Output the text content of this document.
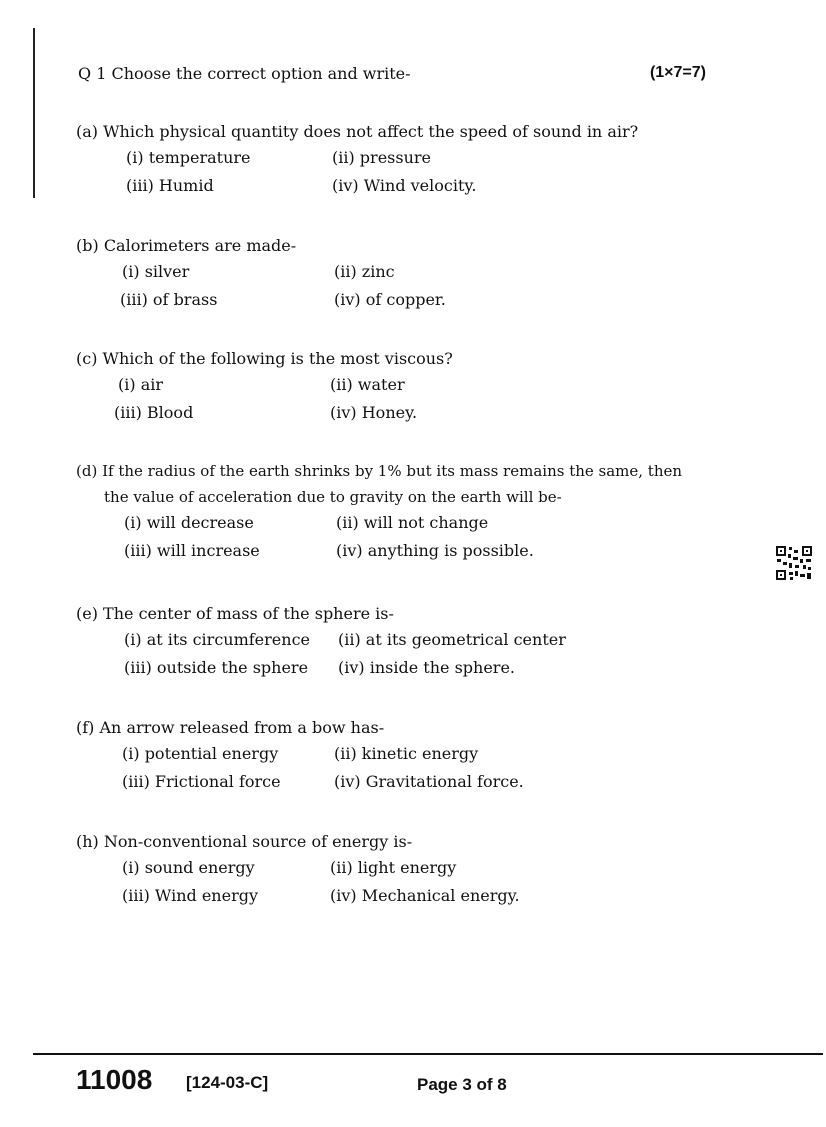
Q 1 Choose the correct option and write-	(1×7=7)
(a) Which physical quantity does not affect the speed of sound in air?
(i) temperature	(ii) pressure
(iii) Humid	(iv) Wind velocity.
(b) Calorimeters are made-
(i) silver	(ii) zinc
(iii) of brass	(iv) of copper.
(c) Which of the following is the most viscous?
(i) air	(ii) water
(iii) Blood	(iv) Honey.
(d) If the radius of the earth shrinks by 1% but its mass remains the same, then
the value of acceleration due to gravity on the earth will be-
(i) will decrease	(ii) will not change
(iii) will increase	(iv) anything is possible.
(e) The center of mass of the sphere is-
(i) at its circumference (ii) at its geometrical center
(iii) outside the sphere (iv) inside the sphere.
(f) An arrow released from a bow has-
(i) potential energy	(ii) kinetic energy
(iii) Frictional force	(iv) Gravitational force.
(h) Non-conventional source of energy is-
(i) sound energy	(ii) light energy
(iii) Wind energy	(iv) Mechanical energy.
11008 [124-03-C]	Page 3 of 8
